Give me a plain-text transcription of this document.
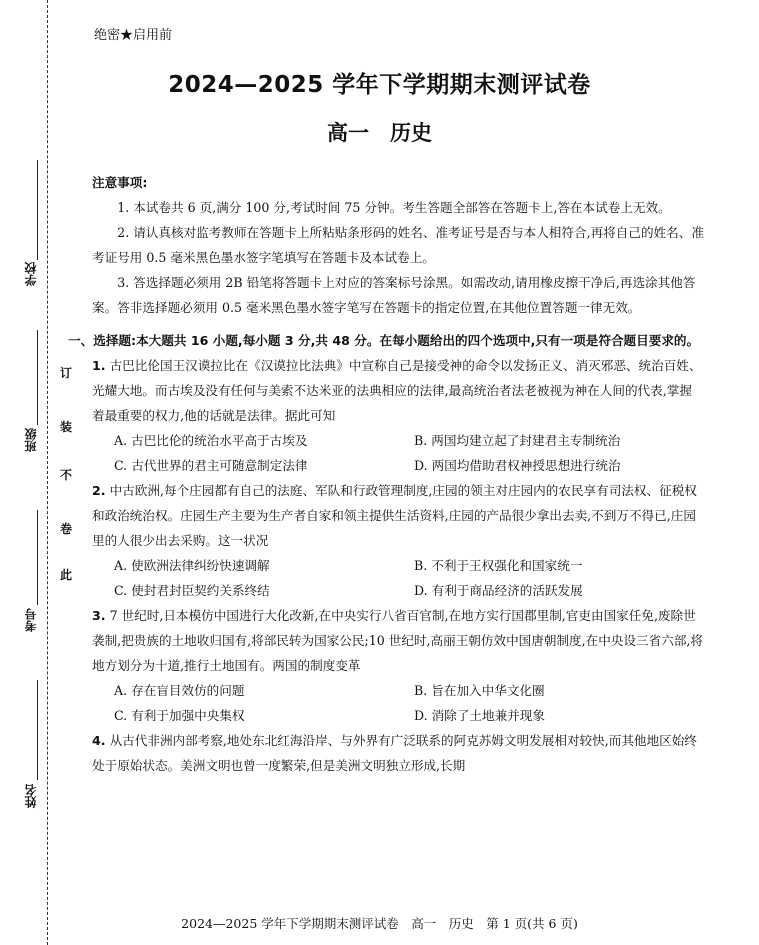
学校
班级
考号
姓名
订
装
不
卷
此
绝密★启用前
2024—2025 学年下学期期末测评试卷
高一　历史

注意事项:

1. 本试卷共 6 页,满分 100 分,考试时间 75 分钟。考生答题全部答在答题卡上,答在本试卷上无效。

2. 请认真核对监考教师在答题卡上所粘贴条形码的姓名、准考证号是否与本人相符合,再将自己的姓名、准考证号用 0.5 毫米黑色墨水签字笔填写在答题卡及本试卷上。

3. 答选择题必须用 2B 铅笔将答题卡上对应的答案标号涂黑。如需改动,请用橡皮擦干净后,再选涂其他答案。答非选择题必须用 0.5 毫米黑色墨水签字笔写在答题卡的指定位置,在其他位置答题一律无效。

一、选择题:本大题共 16 小题,每小题 3 分,共 48 分。在每小题给出的四个选项中,只有一项是符合题目要求的。

1. 古巴比伦国王汉谟拉比在《汉谟拉比法典》中宣称自己是接受神的命令以发扬正义、消灭邪恶、统治百姓、光耀大地。而古埃及没有任何与美索不达米亚的法典相应的法律,最高统治者法老被视为神在人间的代表,掌握着最重要的权力,他的话就是法律。据此可知

A. 古巴比伦的统治水平高于古埃及	B. 两国均建立起了封建君主专制统治
C. 古代世界的君主可随意制定法律	D. 两国均借助君权神授思想进行统治

2. 中古欧洲,每个庄园都有自己的法庭、军队和行政管理制度,庄园的领主对庄园内的农民享有司法权、征税权和政治统治权。庄园生产主要为生产者自家和领主提供生活资料,庄园的产品很少拿出去卖,不到万不得已,庄园里的人很少出去采购。这一状况

A. 使欧洲法律纠纷快速调解	B. 不利于王权强化和国家统一
C. 使封君封臣契约关系终结	D. 有利于商品经济的活跃发展

3. 7 世纪时,日本模仿中国进行大化改新,在中央实行八省百官制,在地方实行国郡里制,官吏由国家任免,废除世袭制,把贵族的土地收归国有,将部民转为国家公民;10 世纪时,高丽王朝仿效中国唐朝制度,在中央设三省六部,将地方划分为十道,推行土地国有。两国的制度变革

A. 存在盲目效仿的问题	B. 旨在加入中华文化圈
C. 有利于加强中央集权	D. 消除了土地兼并现象

4. 从古代非洲内部考察,地处东北红海沿岸、与外界有广泛联系的阿克苏姆文明发展相对较快,而其他地区始终处于原始状态。美洲文明也曾一度繁荣,但是美洲文明独立形成,长期

2024—2025 学年下学期期末测评试卷　高一　历史　第 1 页(共 6 页)
